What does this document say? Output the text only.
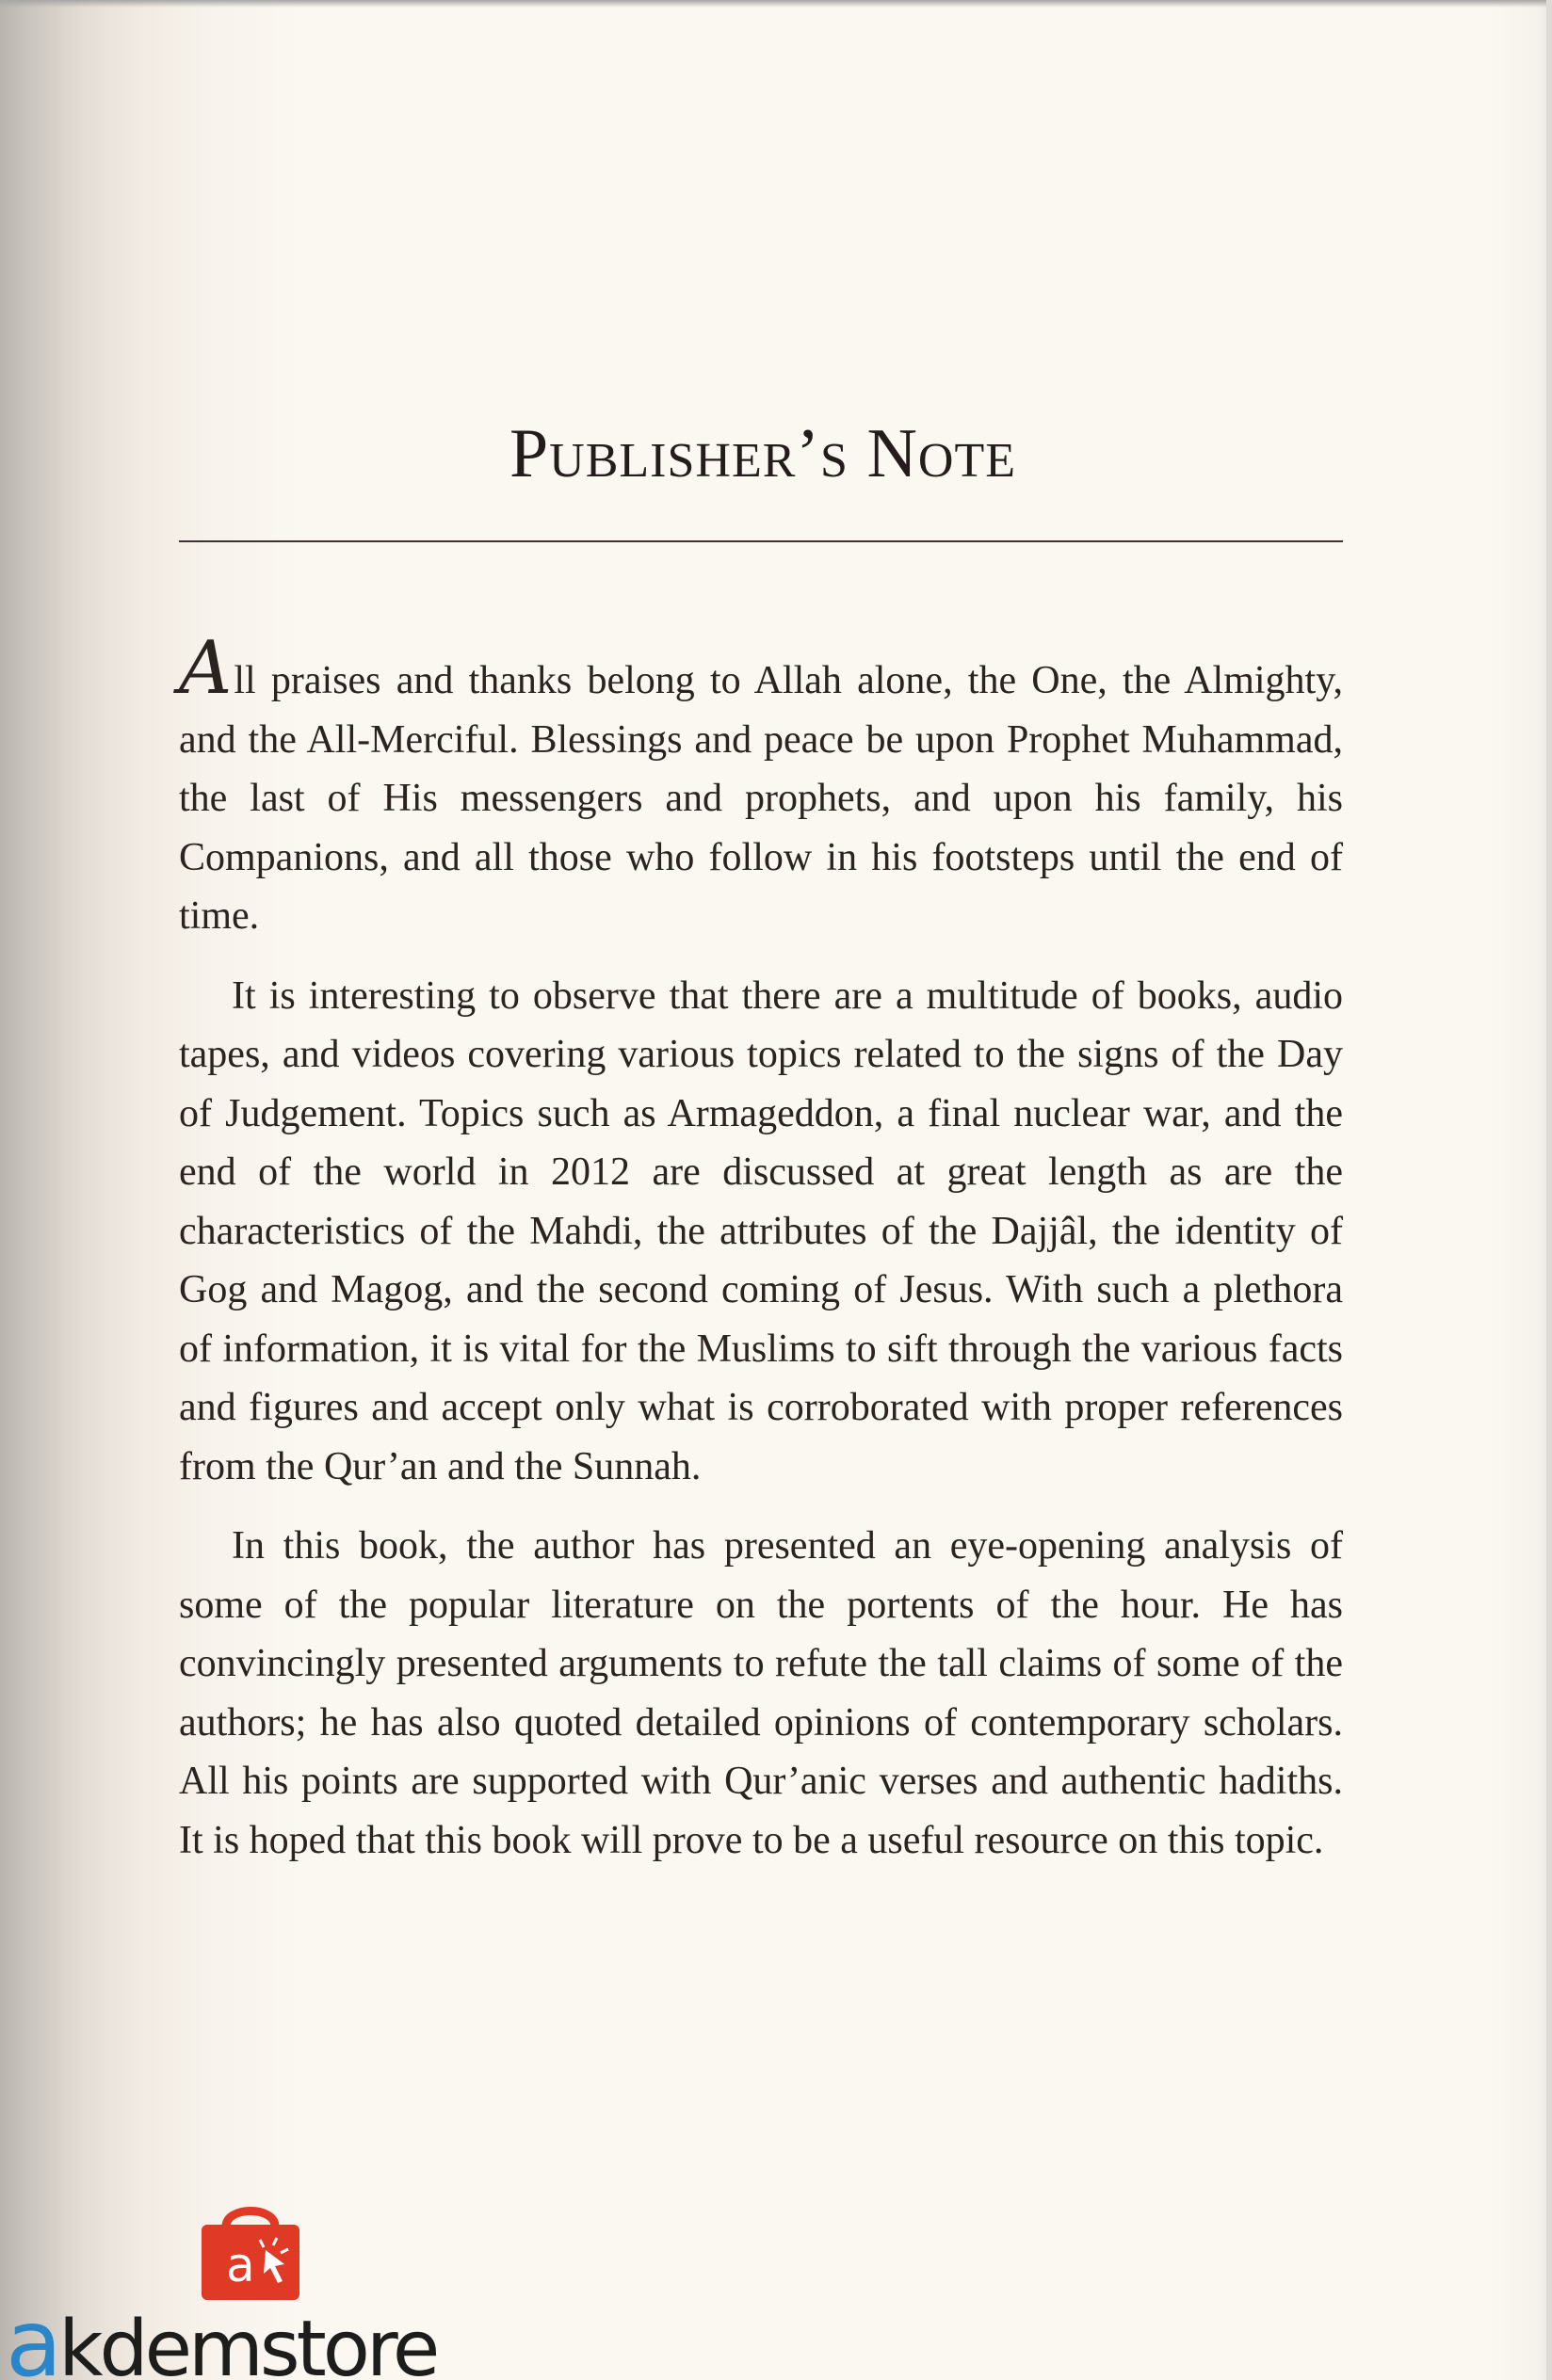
Publisher’s Note

All praises and thanks belong to Allah alone, the One, the Almighty, and the All-Merciful. Blessings and peace be upon Prophet Muhammad, the last of His messengers and prophets, and upon his family, his Companions, and all those who follow in his footsteps until the end of time.

It is interesting to observe that there are a multitude of books, audio tapes, and videos covering various topics related to the signs of the Day of Judgement. Topics such as Armageddon, a final nuclear war, and the end of the world in 2012 are discussed at great length as are the characteristics of the Mahdi, the attributes of the Dajjâl, the identity of Gog and Magog, and the second coming of Jesus. With such a plethora of information, it is vital for the Muslims to sift through the various facts and figures and accept only what is corroborated with proper references from the Qur’an and the Sunnah.

In this book, the author has presented an eye-opening analysis of some of the popular literature on the portents of the hour. He has convincingly presented arguments to refute the tall claims of some of the authors; he has also quoted detailed opinions of contemporary scholars. All his points are supported with Qur’anic verses and authentic hadiths. It is hoped that this book will prove to be a useful resource on this topic.

a
akdemstore
